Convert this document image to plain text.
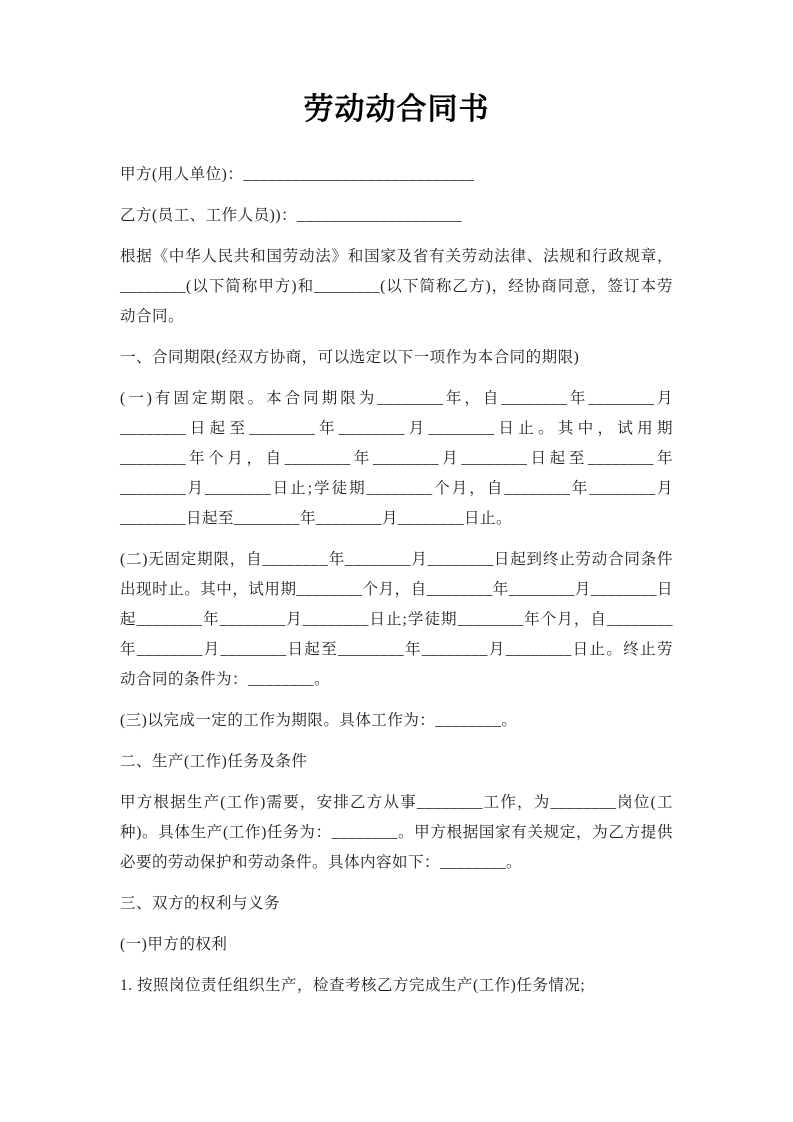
劳动动合同书

甲方(用人单位)：____________________________

乙方(员工、工作人员))：____________________

根据《中华人民共和国劳动法》和国家及省有关劳动法律、法规和行政规章，________(以下简称甲方)和________(以下简称乙方)，经协商同意，签订本劳动合同。

一、合同期限(经双方协商，可以选定以下一项作为本合同的期限)

(一)有固定期限。本合同期限为________年，自________年________月________日起至________年________月________日止。其中，试用期________年个月，自________年________月________日起至________年________月________日止;学徒期________个月，自________年________月________日起至________年________月________日止。

(二)无固定期限，自________年________月________日起到终止劳动合同条件出现时止。其中，试用期________个月，自________年________月________日起________年________月________日止;学徒期________年个月，自________年________月________日起至________年________月________日止。终止劳动合同的条件为：________。

(三)以完成一定的工作为期限。具体工作为：________。

二、生产(工作)任务及条件

甲方根据生产(工作)需要，安排乙方从事________工作，为________岗位(工种)。具体生产(工作)任务为：________。甲方根据国家有关规定，为乙方提供必要的劳动保护和劳动条件。具体内容如下：________。

三、双方的权利与义务

(一)甲方的权利

1. 按照岗位责任组织生产，检查考核乙方完成生产(工作)任务情况;
